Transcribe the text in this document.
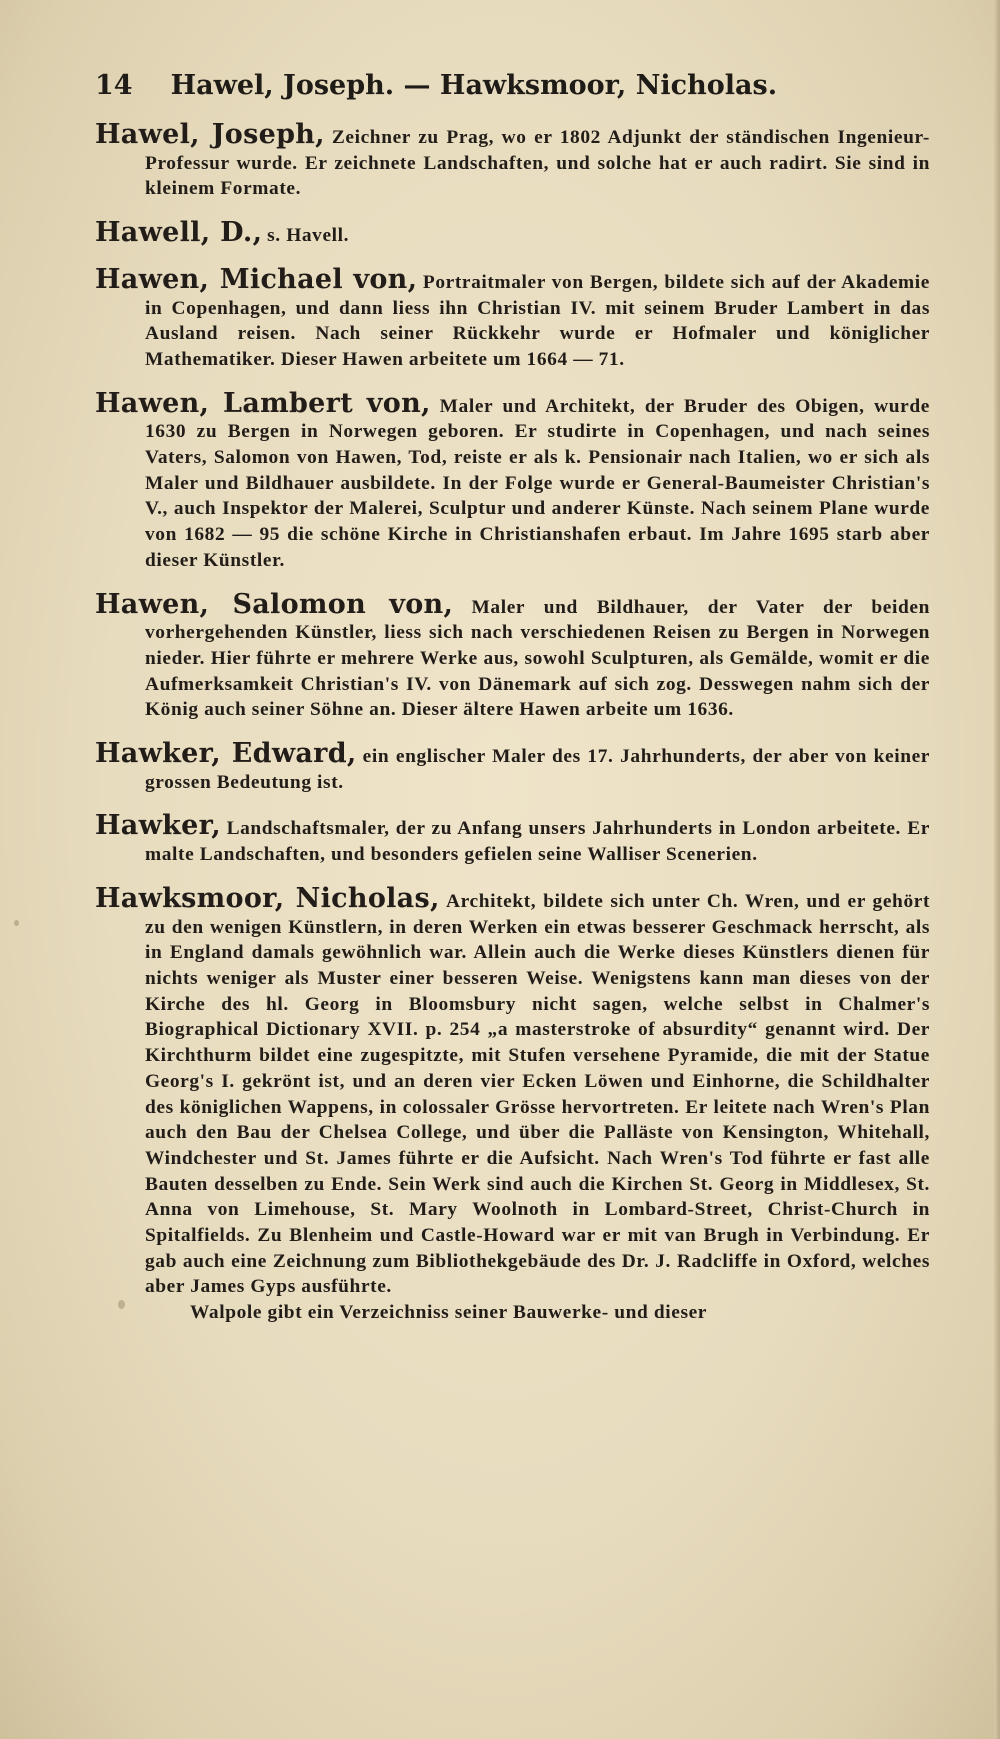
14 Hawel, Joseph. — Hawksmoor, Nicholas.

Hawel, Joseph, Zeichner zu Prag, wo er 1802 Adjunkt der ständischen Ingenieur-Professur wurde. Er zeichnete Landschaften, und solche hat er auch radirt. Sie sind in kleinem Formate.

Hawell, D., s. Havell.

Hawen, Michael von, Portraitmaler von Bergen, bildete sich auf der Akademie in Copenhagen, und dann liess ihn Christian IV. mit seinem Bruder Lambert in das Ausland reisen. Nach seiner Rückkehr wurde er Hofmaler und königlicher Mathematiker. Dieser Hawen arbeitete um 1664 — 71.

Hawen, Lambert von, Maler und Architekt, der Bruder des Obigen, wurde 1630 zu Bergen in Norwegen geboren. Er studirte in Copenhagen, und nach seines Vaters, Salomon von Hawen, Tod, reiste er als k. Pensionair nach Italien, wo er sich als Maler und Bildhauer ausbildete. In der Folge wurde er General-Baumeister Christian's V., auch Inspektor der Malerei, Sculptur und anderer Künste. Nach seinem Plane wurde von 1682 — 95 die schöne Kirche in Christianshafen erbaut. Im Jahre 1695 starb aber dieser Künstler.

Hawen, Salomon von, Maler und Bildhauer, der Vater der beiden vorhergehenden Künstler, liess sich nach verschiedenen Reisen zu Bergen in Norwegen nieder. Hier führte er mehrere Werke aus, sowohl Sculpturen, als Gemälde, womit er die Aufmerksamkeit Christian's IV. von Dänemark auf sich zog. Desswegen nahm sich der König auch seiner Söhne an. Dieser ältere Hawen arbeite um 1636.

Hawker, Edward, ein englischer Maler des 17. Jahrhunderts, der aber von keiner grossen Bedeutung ist.

Hawker, Landschaftsmaler, der zu Anfang unsers Jahrhunderts in London arbeitete. Er malte Landschaften, und besonders gefielen seine Walliser Scenerien.

Hawksmoor, Nicholas, Architekt, bildete sich unter Ch. Wren, und er gehört zu den wenigen Künstlern, in deren Werken ein etwas besserer Geschmack herrscht, als in England damals gewöhnlich war. Allein auch die Werke dieses Künstlers dienen für nichts weniger als Muster einer besseren Weise. Wenigstens kann man dieses von der Kirche des hl. Georg in Bloomsbury nicht sagen, welche selbst in Chalmer's Biographical Dictionary XVII. p. 254 „a masterstroke of absurdity“ genannt wird. Der Kirchthurm bildet eine zugespitzte, mit Stufen versehene Pyramide, die mit der Statue Georg's I. gekrönt ist, und an deren vier Ecken Löwen und Einhorne, die Schildhalter des königlichen Wappens, in colossaler Grösse hervortreten. Er leitete nach Wren's Plan auch den Bau der Chelsea College, und über die Palläste von Kensington, Whitehall, Windchester und St. James führte er die Aufsicht. Nach Wren's Tod führte er fast alle Bauten desselben zu Ende. Sein Werk sind auch die Kirchen St. Georg in Middlesex, St. Anna von Limehouse, St. Mary Woolnoth in Lombard-Street, Christ-Church in Spitalfields. Zu Blenheim und Castle-Howard war er mit van Brugh in Verbindung. Er gab auch eine Zeichnung zum Bibliothekgebäude des Dr. J. Radcliffe in Oxford, welches aber James Gyps ausführte.

Walpole gibt ein Verzeichniss seiner Bauwerke- und dieser
